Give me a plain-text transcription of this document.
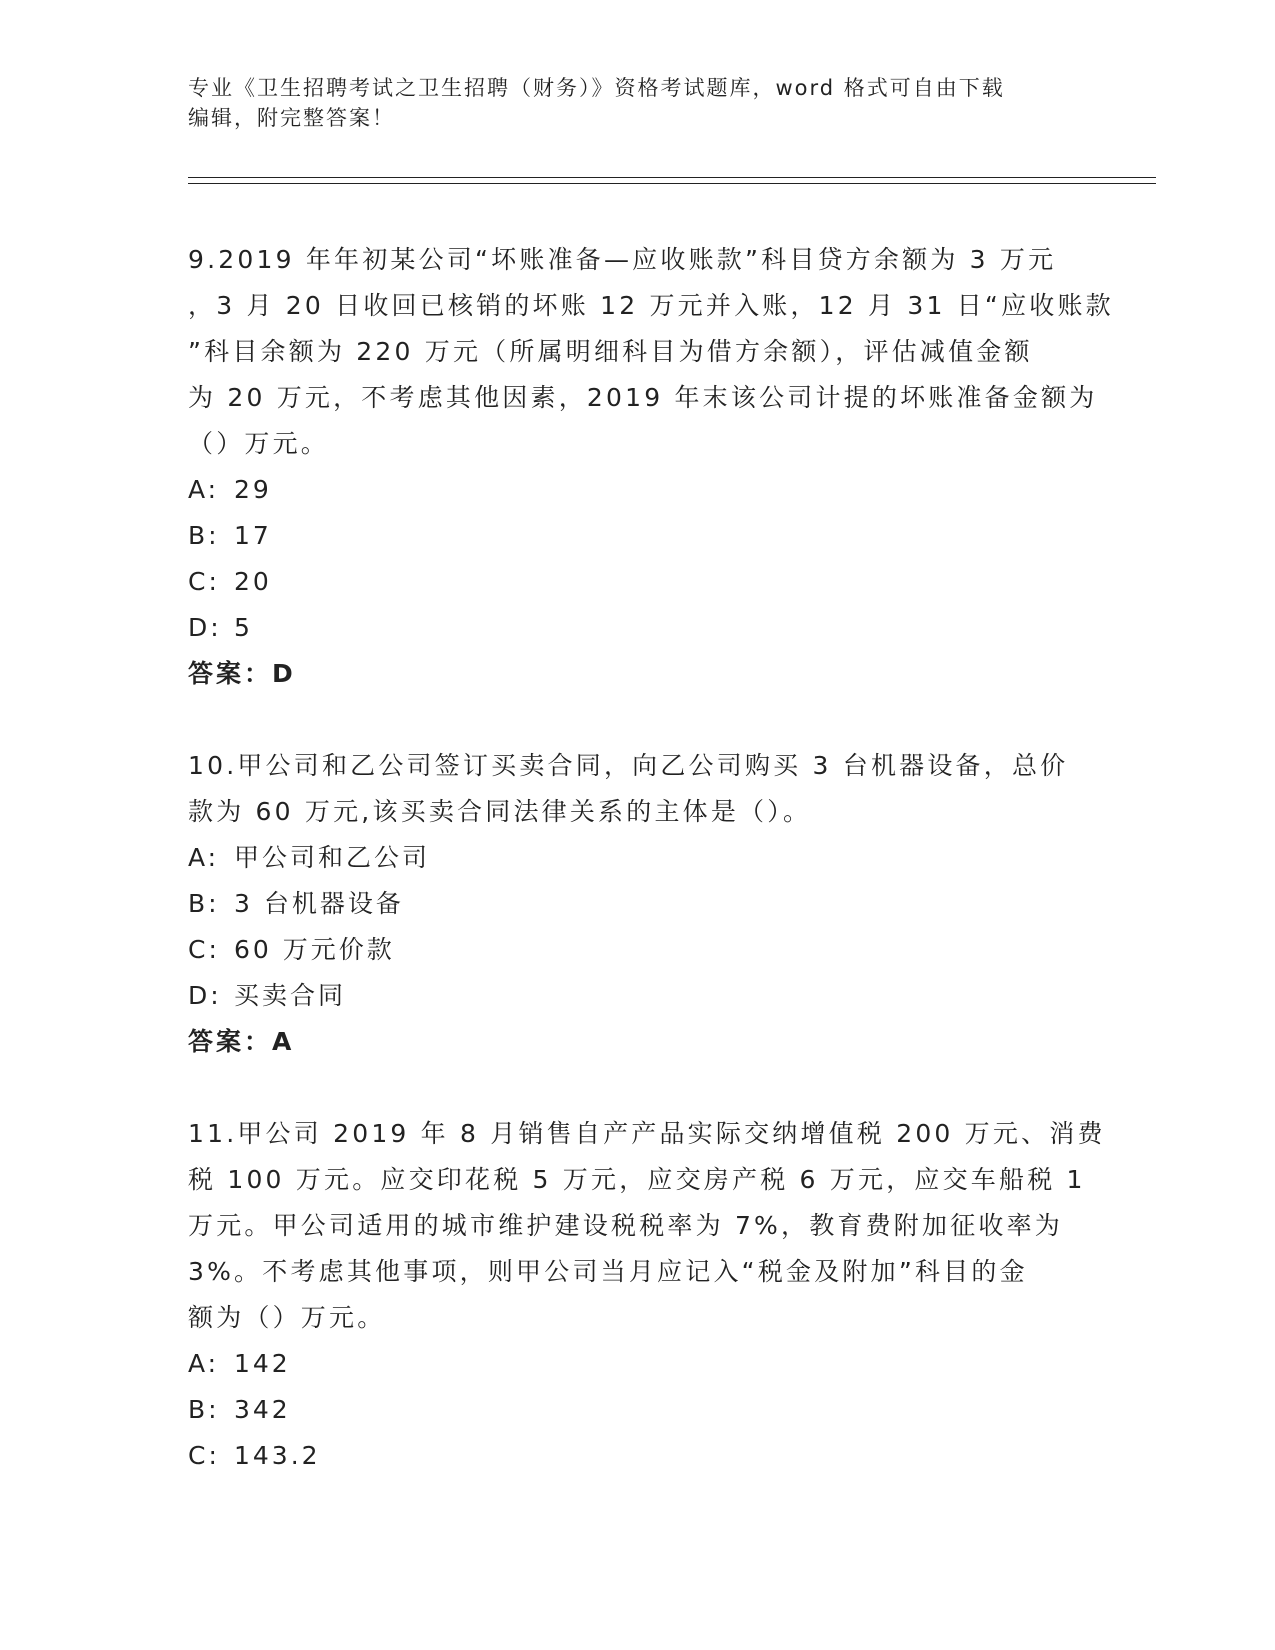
专业《卫生招聘考试之卫生招聘（财务）》资格考试题库，word 格式可自由下载
编辑，附完整答案！
9.2019 年年初某公司“坏账准备—应收账款”科目贷方余额为 3 万元
，3 月 20 日收回已核销的坏账 12 万元并入账，12 月 31 日“应收账款
”科目余额为 220 万元（所属明细科目为借方余额），评估减值金额
为 20 万元，不考虑其他因素，2019 年末该公司计提的坏账准备金额为
（）万元。
A: 29
B: 17
C: 20
D: 5
答案：D
10.甲公司和乙公司签订买卖合同，向乙公司购买 3 台机器设备，总价
款为 60 万元,该买卖合同法律关系的主体是（）。
A: 甲公司和乙公司
B: 3 台机器设备
C: 60 万元价款
D: 买卖合同
答案：A
11.甲公司 2019 年 8 月销售自产产品实际交纳增值税 200 万元、消费
税 100 万元。应交印花税 5 万元，应交房产税 6 万元，应交车船税 1
万元。甲公司适用的城市维护建设税税率为 7%，教育费附加征收率为
3%。不考虑其他事项，则甲公司当月应记入“税金及附加”科目的金
额为（）万元。
A: 142
B: 342
C: 143.2
